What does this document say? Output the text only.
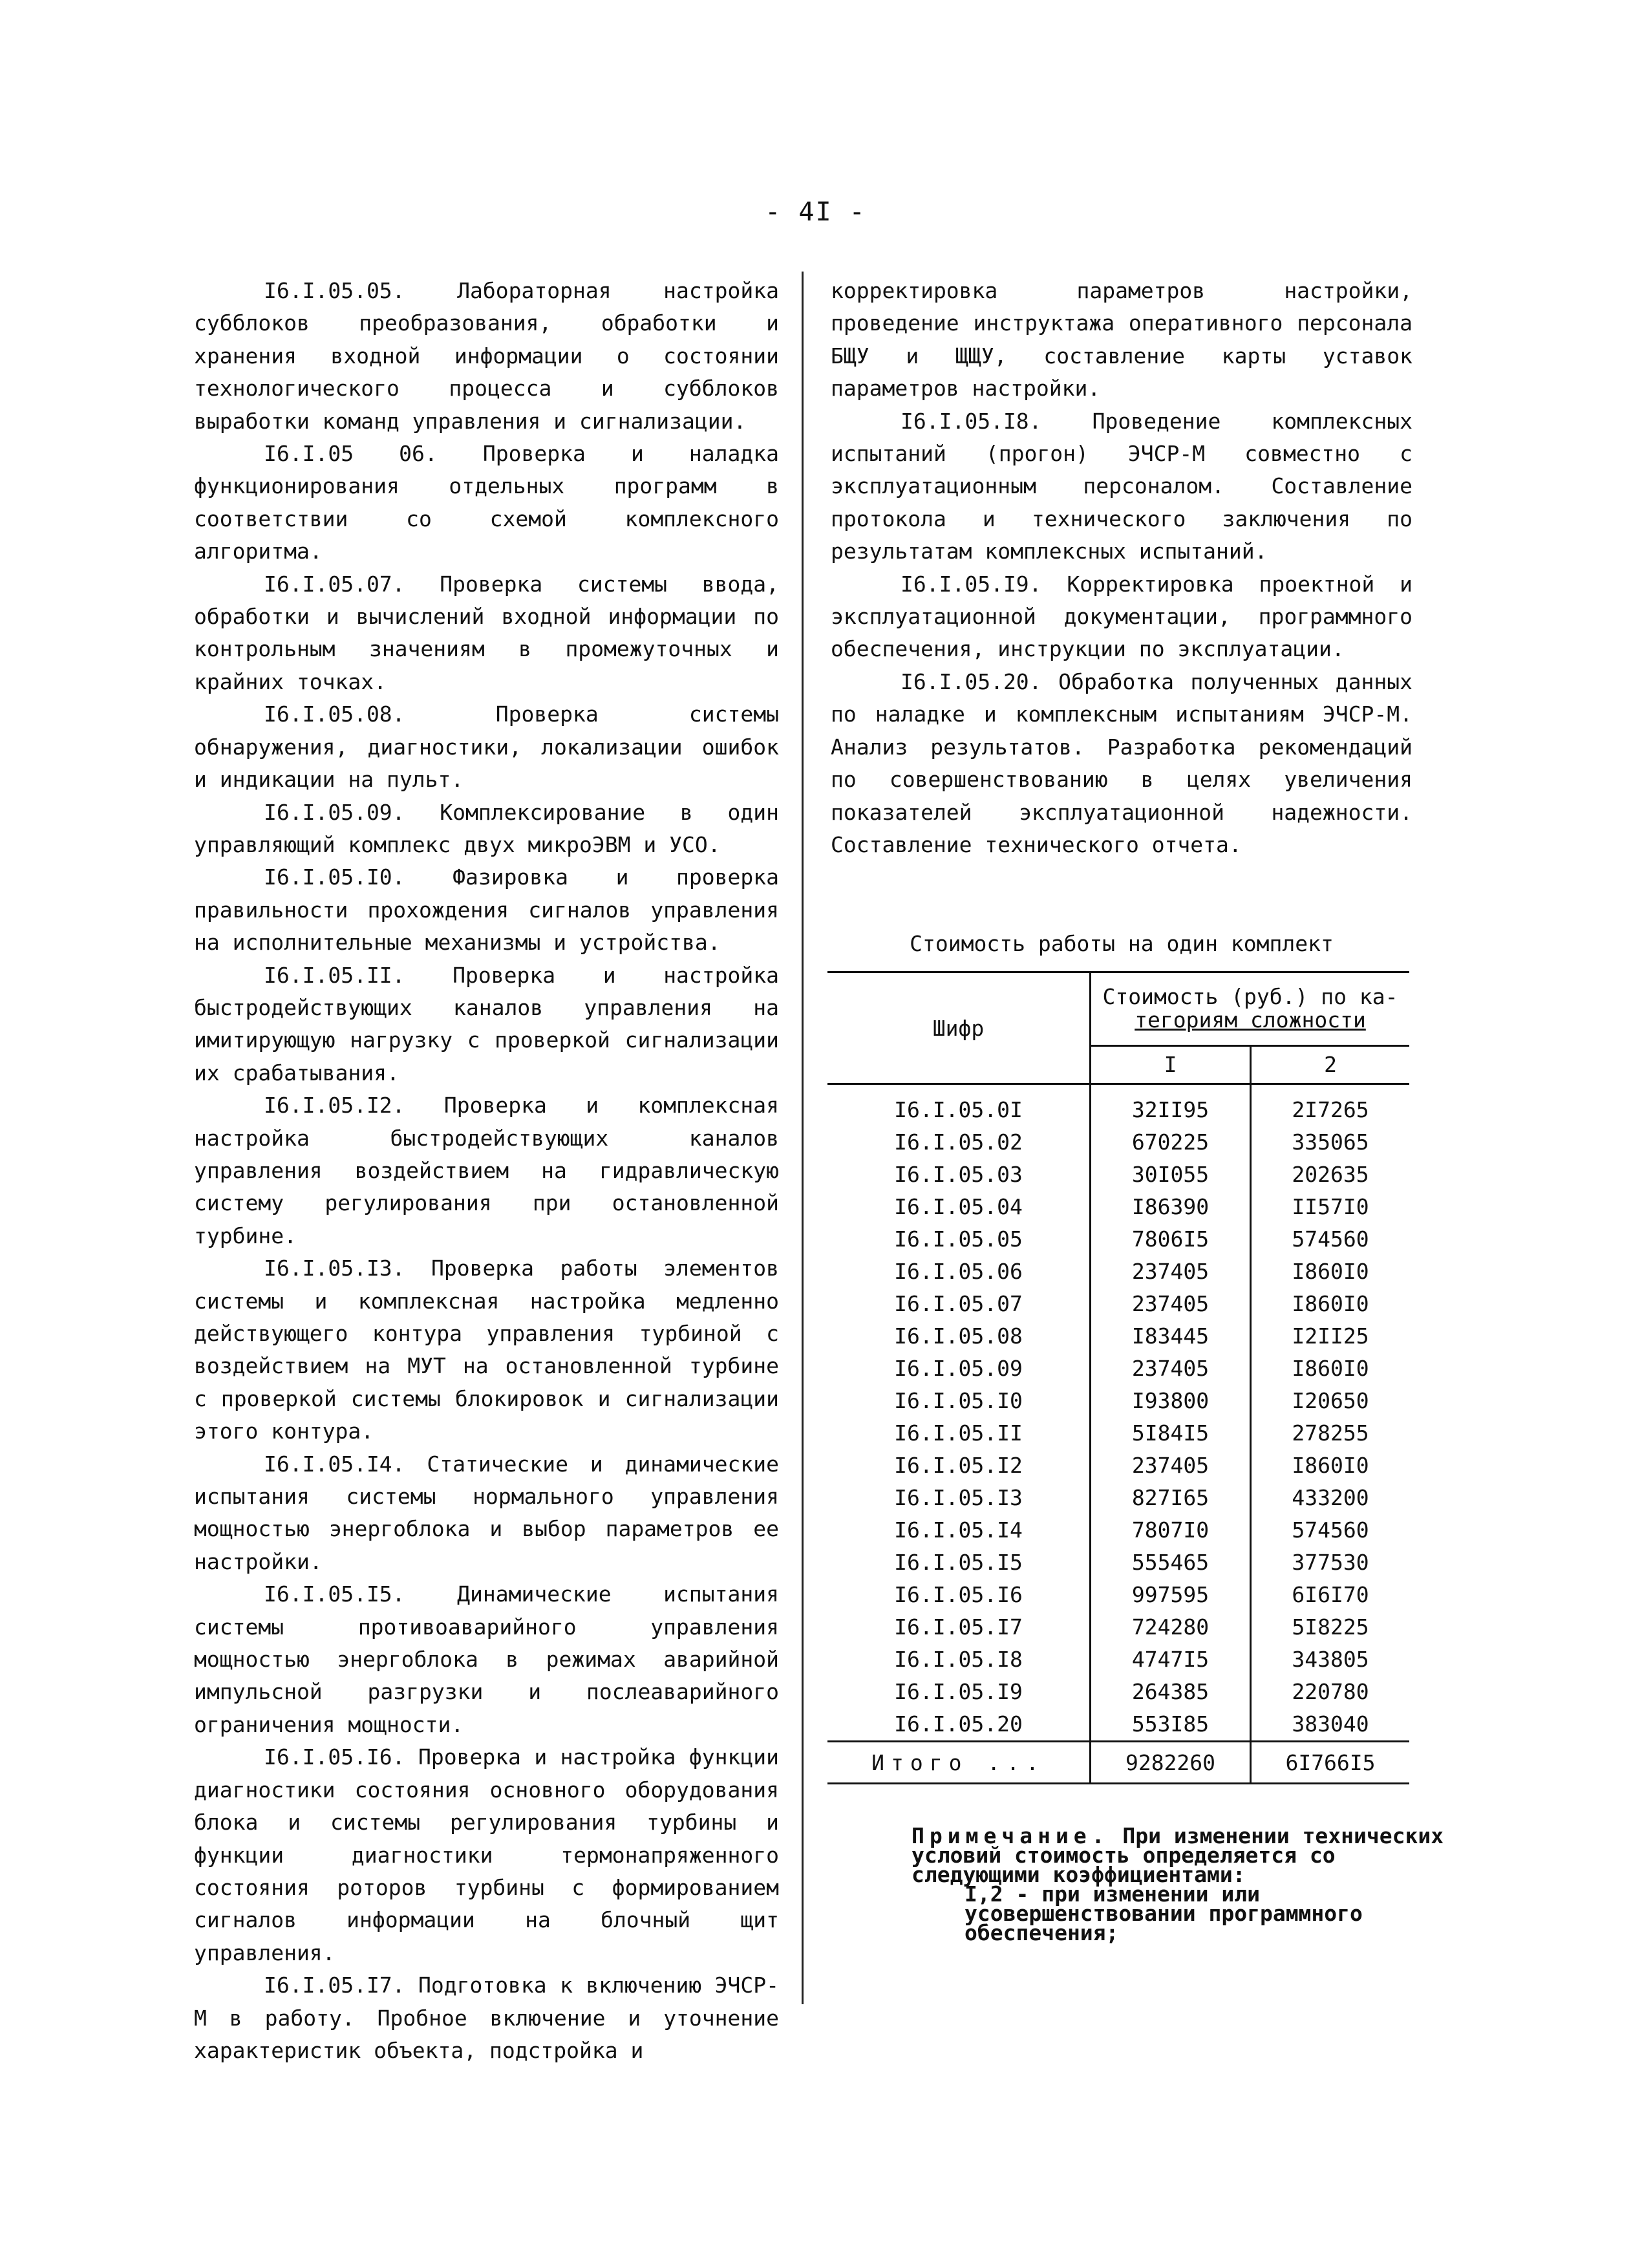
- 4I -

I6.I.05.05. Лабораторная настройка субблоков преобразования, обработки и хранения входной информации о состоянии технологического процесса и субблоков выработки команд управления и сигнализации.

I6.I.05 06. Проверка и наладка функционирования отдельных программ в соответствии со схемой комплексного алгоритма.

I6.I.05.07. Проверка системы ввода, обработки и вычислений входной информации по контрольным значениям в промежуточных и крайних точках.

I6.I.05.08. Проверка системы обнаружения, диагностики, локализации ошибок и индикации на пульт.

I6.I.05.09. Комплексирование в один управляющий комплекс двух микроЭВМ и УСО.

I6.I.05.I0. Фазировка и проверка правильности прохождения сигналов управления на исполнительные механизмы и устройства.

I6.I.05.II. Проверка и настройка быстродействующих каналов управления на имитирующую нагрузку с проверкой сигнализации их срабатывания.

I6.I.05.I2. Проверка и комплексная настройка быстродействующих каналов управления воздействием на гидравлическую систему регулирования при остановленной турбине.

I6.I.05.I3. Проверка работы элементов системы и комплексная настройка медленно действующего контура управления турбиной с воздействием на МУТ на остановленной турбине с проверкой системы блокировок и сигнализации этого контура.

I6.I.05.I4. Статические и динамические испытания системы нормального управления мощностью энергоблока и выбор параметров ее настройки.

I6.I.05.I5. Динамические испытания системы противоаварийного управления мощностью энергоблока в режимах аварийной импульсной разгрузки и послеаварийного ограничения мощности.

I6.I.05.I6. Проверка и настройка функции диагностики состояния основного оборудования блока и системы регулирования турбины и функции диагностики термонапряженного состояния роторов турбины с формированием сигналов информации на блочный щит управления.

I6.I.05.I7. Подготовка к включению ЭЧСР-М в работу. Пробное включение и уточнение характеристик объекта, подстройка и

корректировка параметров настройки, проведение инструктажа оперативного персонала БЩУ и ЩЩУ, составление карты уставок параметров настройки.

I6.I.05.I8. Проведение комплексных испытаний (прогон) ЭЧСР-М совместно с эксплуатационным персоналом. Составление протокола и технического заключения по результатам комплексных испытаний.

I6.I.05.I9. Корректировка проектной и эксплуатационной документации, программного обеспечения, инструкции по эксплуатации.

I6.I.05.20. Обработка полученных данных по наладке и комплексным испытаниям ЭЧСР-М. Анализ результатов. Разработка рекомендаций по совершенствованию в целях увеличения показателей эксплуатационной надежности. Составление технического отчета.

Стоимость работы на один комплект
Шифр	Стоимость (руб.) по ка-
тегориям сложности	

	I	2
I6.I.05.0I	32II95	2I7265
I6.I.05.02	670225	335065
I6.I.05.03	30I055	202635
I6.I.05.04	I86390	II57I0
I6.I.05.05	7806I5	574560
I6.I.05.06	237405	I860I0
I6.I.05.07	237405	I860I0
I6.I.05.08	I83445	I2II25
I6.I.05.09	237405	I860I0
I6.I.05.I0	I93800	I20650
I6.I.05.II	5I84I5	278255
I6.I.05.I2	237405	I860I0
I6.I.05.I3	827I65	433200
I6.I.05.I4	7807I0	574560
I6.I.05.I5	555465	377530
I6.I.05.I6	997595	6I6I70
I6.I.05.I7	724280	5I8225
I6.I.05.I8	4747I5	343805
I6.I.05.I9	264385	220780
I6.I.05.20	553I85	383040
Итого ...	9282260	6I766I5
Примечание. При изменении технических условий стоимость определяется со следующими коэффициентами:
I,2 - при изменении или усовершенствовании программного обеспечения;
